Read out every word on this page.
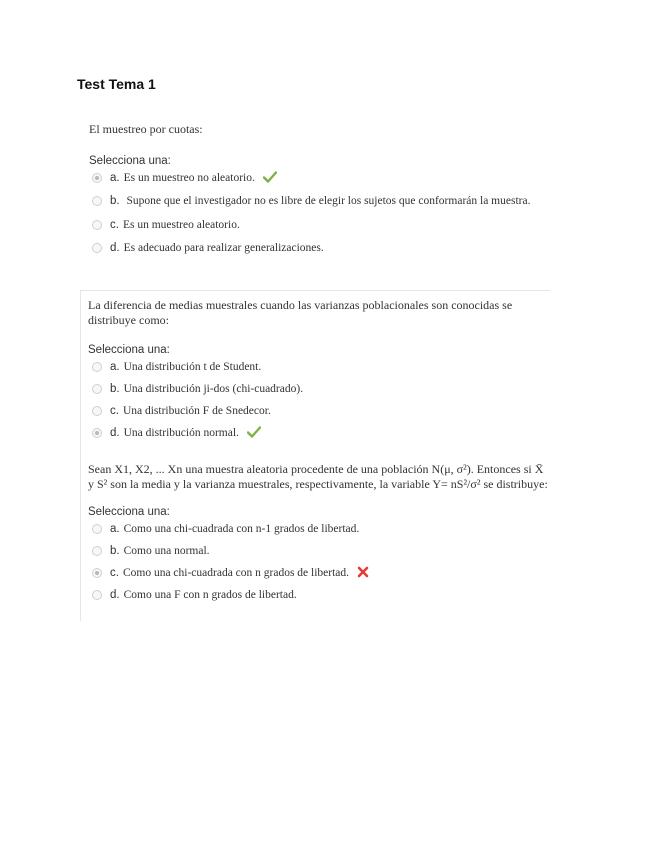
Test Tema 1
El muestreo por cuotas:
Selecciona una:
a. Es un muestreo no aleatorio.
b. Supone que el investigador no es libre de elegir los sujetos que conformarán la muestra.
c. Es un muestreo aleatorio.
d. Es adecuado para realizar generalizaciones.
La diferencia de medias muestrales cuando las varianzas poblacionales son conocidas se distribuye como:
Selecciona una:
a. Una distribución t de Student.
b. Una distribución ji-dos (chi-cuadrado).
c. Una distribución F de Snedecor.
d. Una distribución normal.
Sean X1, X2, ... Xn una muestra aleatoria procedente de una población N(μ, σ²). Entonces si X̄ y S² son la media y la varianza muestrales, respectivamente, la variable Y= nS²/σ² se distribuye:
Selecciona una:
a. Como una chi-cuadrada con n-1 grados de libertad.
b. Como una normal.
c. Como una chi-cuadrada con n grados de libertad.
d. Como una F con n grados de libertad.
